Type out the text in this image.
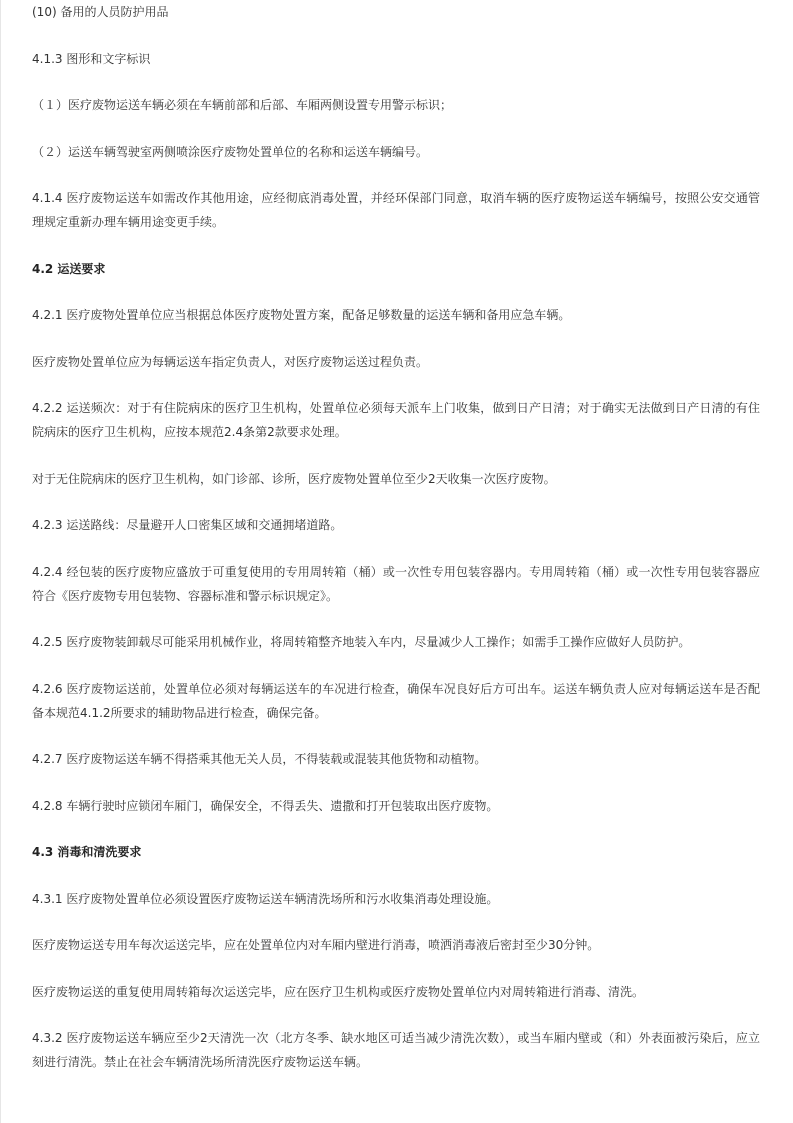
(10) 备用的人员防护用品

4.1.3 图形和文字标识

（１）医疗废物运送车辆必须在车辆前部和后部、车厢两侧设置专用警示标识；

（２）运送车辆驾驶室两侧喷涂医疗废物处置单位的名称和运送车辆编号。

4.1.4 医疗废物运送车如需改作其他用途，应经彻底消毒处置，并经环保部门同意，取消车辆的医疗废物运送车辆编号，按照公安交通管理规定重新办理车辆用途变更手续。

4.2 运送要求

4.2.1 医疗废物处置单位应当根据总体医疗废物处置方案，配备足够数量的运送车辆和备用应急车辆。

医疗废物处置单位应为每辆运送车指定负责人，对医疗废物运送过程负责。

4.2.2 运送频次：对于有住院病床的医疗卫生机构，处置单位必须每天派车上门收集，做到日产日清；对于确实无法做到日产日清的有住院病床的医疗卫生机构，应按本规范2.4条第2款要求处理。

对于无住院病床的医疗卫生机构，如门诊部、诊所，医疗废物处置单位至少2天收集一次医疗废物。

4.2.3 运送路线：尽量避开人口密集区域和交通拥堵道路。

4.2.4 经包装的医疗废物应盛放于可重复使用的专用周转箱（桶）或一次性专用包装容器内。专用周转箱（桶）或一次性专用包装容器应符合《医疗废物专用包装物、容器标准和警示标识规定》。

4.2.5 医疗废物装卸载尽可能采用机械作业，将周转箱整齐地装入车内，尽量减少人工操作；如需手工操作应做好人员防护。

4.2.6 医疗废物运送前，处置单位必须对每辆运送车的车况进行检查，确保车况良好后方可出车。运送车辆负责人应对每辆运送车是否配备本规范4.1.2所要求的辅助物品进行检查，确保完备。

4.2.7 医疗废物运送车辆不得搭乘其他无关人员，不得装载或混装其他货物和动植物。

4.2.8 车辆行驶时应锁闭车厢门，确保安全，不得丢失、遗撒和打开包装取出医疗废物。

4.3 消毒和清洗要求

4.3.1 医疗废物处置单位必须设置医疗废物运送车辆清洗场所和污水收集消毒处理设施。

医疗废物运送专用车每次运送完毕，应在处置单位内对车厢内壁进行消毒，喷洒消毒液后密封至少30分钟。

医疗废物运送的重复使用周转箱每次运送完毕，应在医疗卫生机构或医疗废物处置单位内对周转箱进行消毒、清洗。

4.3.2 医疗废物运送车辆应至少2天清洗一次（北方冬季、缺水地区可适当减少清洗次数），或当车厢内壁或（和）外表面被污染后，应立刻进行清洗。禁止在社会车辆清洗场所清洗医疗废物运送车辆。
